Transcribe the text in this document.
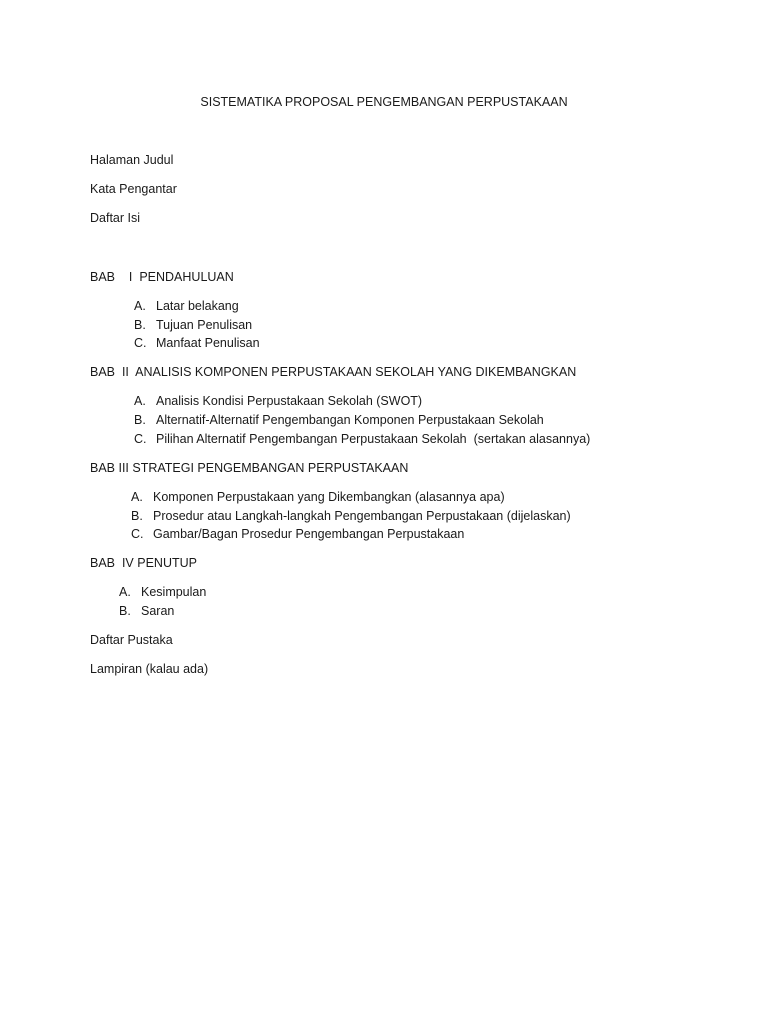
SISTEMATIKA PROPOSAL PENGEMBANGAN PERPUSTAKAAN
Halaman Judul
Kata Pengantar
Daftar Isi
BAB    I  PENDAHULUAN
A. Latar belakang
B. Tujuan Penulisan
C. Manfaat Penulisan
BAB  II  ANALISIS KOMPONEN PERPUSTAKAAN SEKOLAH YANG DIKEMBANGKAN
A. Analisis Kondisi Perpustakaan Sekolah (SWOT)
B. Alternatif-Alternatif Pengembangan Komponen Perpustakaan Sekolah
C. Pilihan Alternatif Pengembangan Perpustakaan Sekolah  (sertakan alasannya)
BAB III STRATEGI PENGEMBANGAN PERPUSTAKAAN
A. Komponen Perpustakaan yang Dikembangkan (alasannya apa)
B. Prosedur atau Langkah-langkah Pengembangan Perpustakaan (dijelaskan)
C. Gambar/Bagan Prosedur Pengembangan Perpustakaan
BAB  IV PENUTUP
A. Kesimpulan
B. Saran
Daftar Pustaka
Lampiran (kalau ada)
